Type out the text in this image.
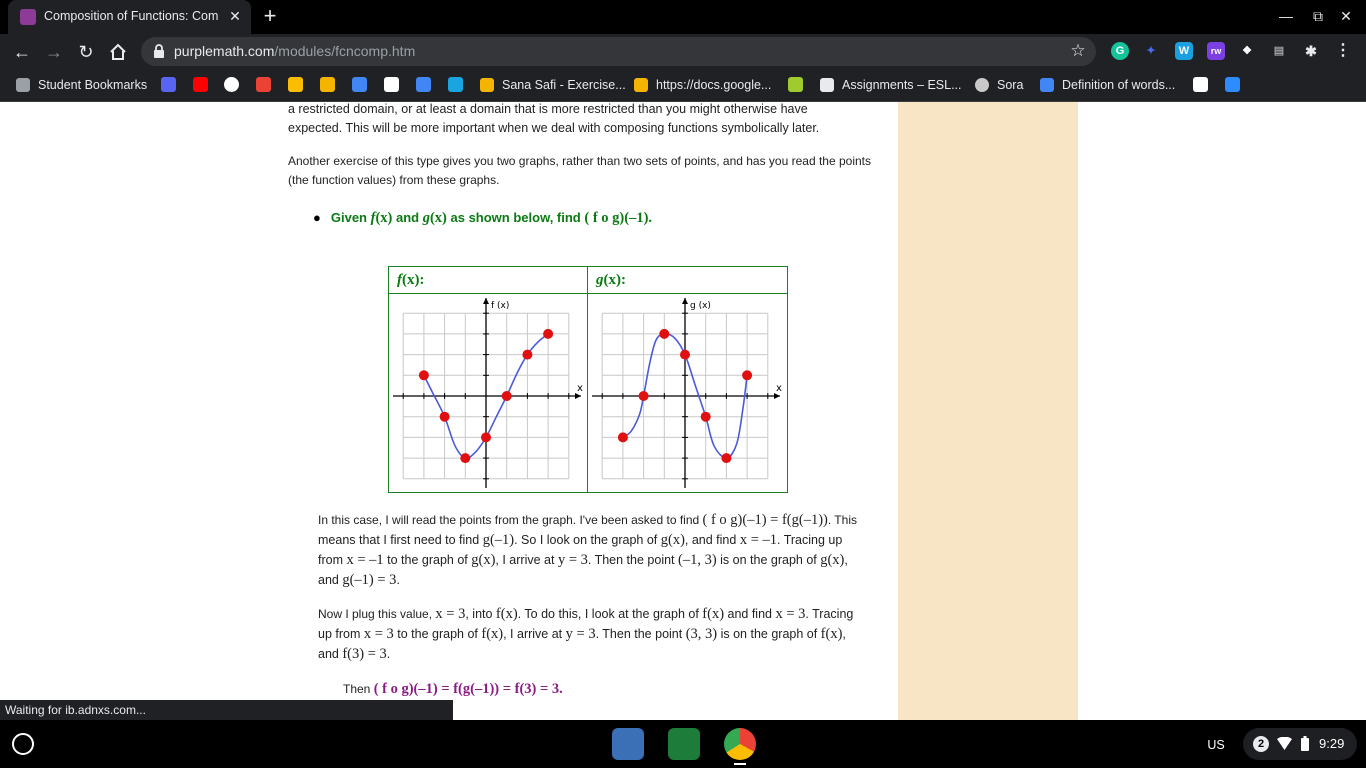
Composition of Functions: Com ✕ +	—	⧉	✕
← → ↻	purplemath.com/modules/fcncomp.htm	☆	G	✦	W	rw	❖	▤ ✱ ⋮
Student Bookmarks	Sana Safi - Exercise... https://docs.google...	Assignments – ESL...	Sora	Definition of words...
a restricted domain, or at least a domain that is more restricted than you might otherwise have
expected. This will be more important when we deal with composing functions symbolically later.
Another exercise of this type gives you two graphs, rather than two sets of points, and has you read the points
(the function values) from these graphs.
● Given f(x) and g(x) as shown below, find ( f o g)(–1).
f(x):
x
f (x)
g(x):
x
g (x)
In this case, I will read the points from the graph. I've been asked to find ( f o g)(–1) = f(g(–1)). This
means that I first need to find g(–1). So I look on the graph of g(x), and find x = –1. Tracing up
from x = –1 to the graph of g(x), I arrive at y = 3. Then the point (–1, 3) is on the graph of g(x),
and g(–1) = 3.
Now I plug this value, x = 3, into f(x). To do this, I look at the graph of f(x) and find x = 3. Tracing
up from x = 3 to the graph of f(x), I arrive at y = 3. Then the point (3, 3) is on the graph of f(x),
and f(3) = 3.
Then ( f o g)(–1) = f(g(–1)) = f(3) = 3.
Waiting for ib.adnxs.com...
US	2	9:29
